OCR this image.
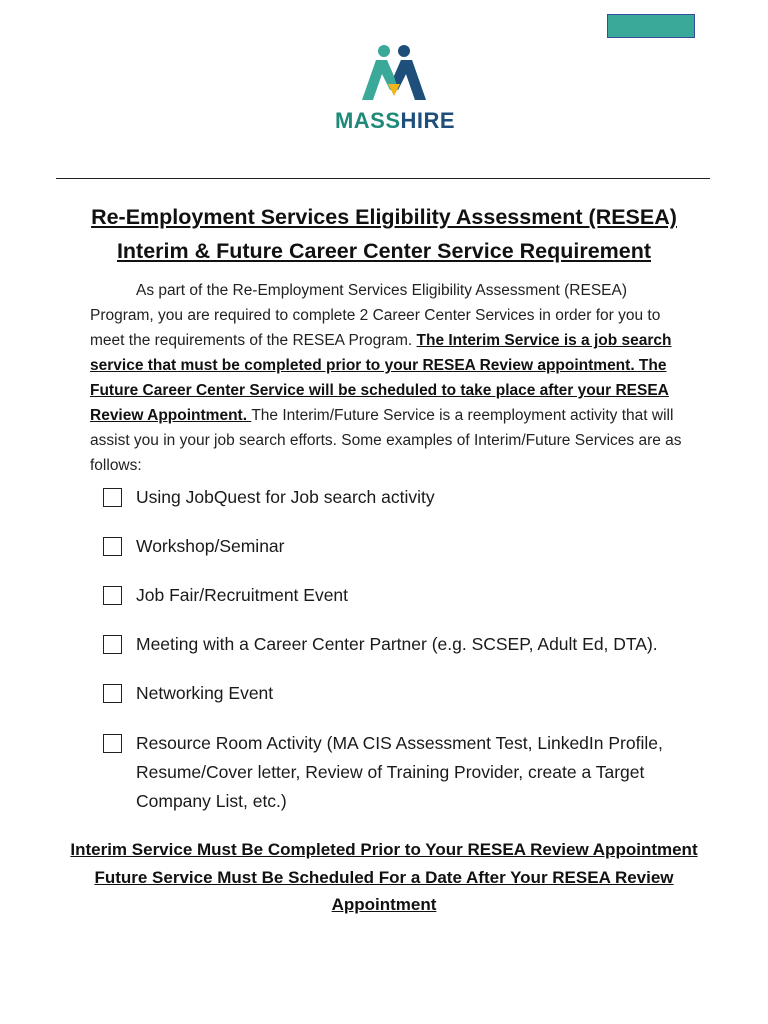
MASSHIRE
Re-Employment Services Eligibility Assessment (RESEA)
Interim & Future Career Center Service Requirement
As part of the Re-Employment Services Eligibility Assessment (RESEA) Program, you are required to complete 2 Career Center Services in order for you to meet the requirements of the RESEA Program. The Interim Service is a job search service that must be completed prior to your RESEA Review appointment. The Future Career Center Service will be scheduled to take place after your RESEA Review Appointment. The Interim/Future Service is a reemployment activity that will assist you in your job search efforts. Some examples of Interim/Future Services are as follows:
Using JobQuest for Job search activity
Workshop/Seminar
Job Fair/Recruitment Event
Meeting with a Career Center Partner (e.g. SCSEP, Adult Ed, DTA).
Networking Event
Resource Room Activity (MA CIS Assessment Test, LinkedIn Profile, Resume/Cover letter, Review of Training Provider, create a Target Company List, etc.)
Interim Service Must Be Completed Prior to Your RESEA Review Appointment
Future Service Must Be Scheduled For a Date After Your RESEA Review Appointment
